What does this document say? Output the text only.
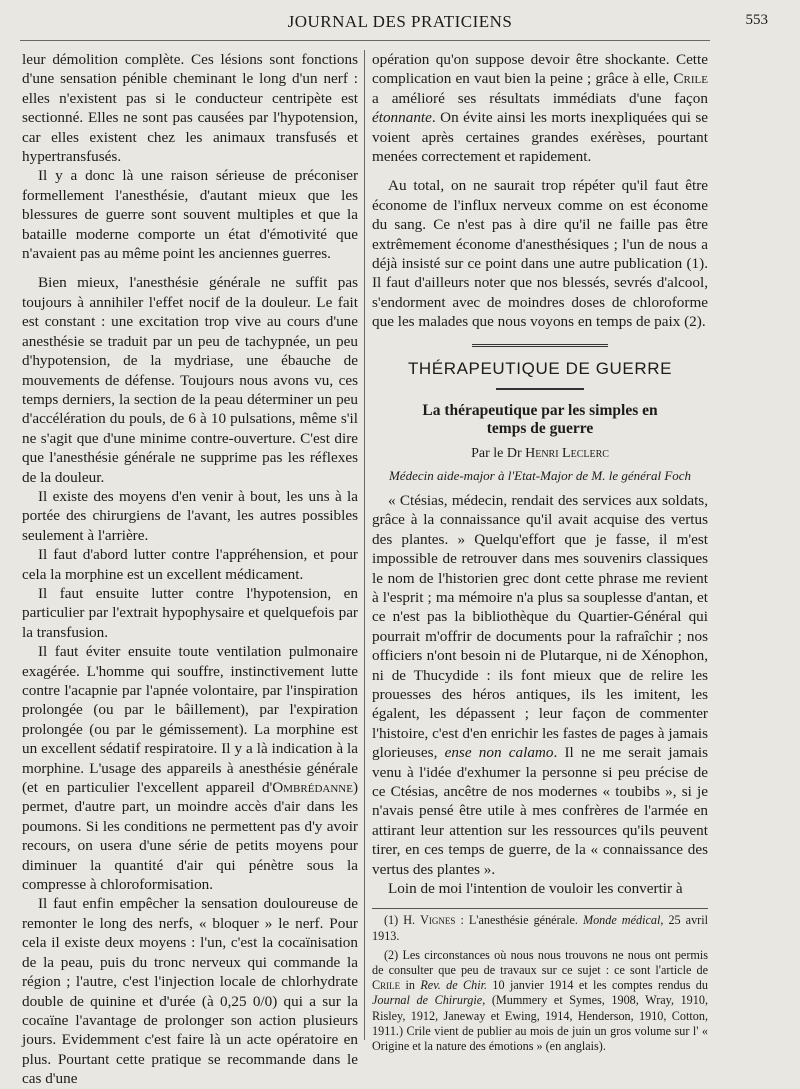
JOURNAL DES PRATICIENS	553

leur démolition complète. Ces lésions sont fonctions d'une sensation pénible cheminant le long d'un nerf : elles n'existent pas si le conducteur centripète est sectionné. Elles ne sont pas causées par l'hypotension, car elles existent chez les animaux transfusés et hypertransfusés.

Il y a donc là une raison sérieuse de préconiser formellement l'anesthésie, d'autant mieux que les blessures de guerre sont souvent multiples et que la bataille moderne comporte un état d'émotivité que n'avaient pas au même point les anciennes guerres.

Bien mieux, l'anesthésie générale ne suffit pas toujours à annihiler l'effet nocif de la douleur. Le fait est constant : une excitation trop vive au cours d'une anesthésie se traduit par un peu de tachypnée, un peu d'hypotension, de la mydriase, une ébauche de mouvements de défense. Toujours nous avons vu, ces temps derniers, la section de la peau déterminer un peu d'accélération du pouls, de 6 à 10 pulsations, même s'il ne s'agit que d'une minime contre-ouverture. C'est dire que l'anesthésie générale ne supprime pas les réflexes de la douleur.

Il existe des moyens d'en venir à bout, les uns à la portée des chirurgiens de l'avant, les autres possibles seulement à l'arrière.

Il faut d'abord lutter contre l'appréhension, et pour cela la morphine est un excellent médicament.

Il faut ensuite lutter contre l'hypotension, en particulier par l'extrait hypophysaire et quelquefois par la transfusion.

Il faut éviter ensuite toute ventilation pulmonaire exagérée. L'homme qui souffre, instinctivement lutte contre l'acapnie par l'apnée volontaire, par l'inspiration prolongée (ou par le bâillement), par l'expiration prolongée (ou par le gémissement). La morphine est un excellent sédatif respiratoire. Il y a là indication à la morphine. L'usage des appareils à anesthésie générale (et en particulier l'excellent appareil d'Ombrédanne) permet, d'autre part, un moindre accès d'air dans les poumons. Si les conditions ne permettent pas d'y avoir recours, on usera d'une série de petits moyens pour diminuer la quantité d'air qui pénètre sous la compresse à chloroformisation.

Il faut enfin empêcher la sensation douloureuse de remonter le long des nerfs, « bloquer » le nerf. Pour cela il existe deux moyens : l'un, c'est la cocaïnisation de la peau, puis du tronc nerveux qui commande la région ; l'autre, c'est l'injection locale de chlorhydrate double de quinine et d'urée (à 0,25 0/0) qui a sur la cocaïne l'avantage de prolonger son action plusieurs jours. Evidemment c'est faire là un acte opératoire en plus. Pourtant cette pratique se recommande dans le cas d'une

opération qu'on suppose devoir être shockante. Cette complication en vaut bien la peine ; grâce à elle, Crile a amélioré ses résultats immédiats d'une façon étonnante. On évite ainsi les morts inexpliquées qui se voient après certaines grandes exérèses, pourtant menées correctement et rapidement.

Au total, on ne saurait trop répéter qu'il faut être économe de l'influx nerveux comme on est économe du sang. Ce n'est pas à dire qu'il ne faille pas être extrêmement économe d'anesthésiques ; l'un de nous a déjà insisté sur ce point dans une autre publication (1). Il faut d'ailleurs noter que nos blessés, sevrés d'alcool, s'endorment avec de moindres doses de chloroforme que les malades que nous voyons en temps de paix (2).

THÉRAPEUTIQUE DE GUERRE
La thérapeutique par les simples en temps de guerre
Par le Dr Henri Leclerc
Médecin aide-major à l'Etat-Major de M. le général Foch

« Ctésias, médecin, rendait des services aux soldats, grâce à la connaissance qu'il avait acquise des vertus des plantes. » Quelqu'effort que je fasse, il m'est impossible de retrouver dans mes souvenirs classiques le nom de l'historien grec dont cette phrase me revient à l'esprit ; ma mémoire n'a plus sa souplesse d'antan, et ce n'est pas la bibliothèque du Quartier-Général qui pourrait m'offrir de documents pour la rafraîchir ; nos officiers n'ont besoin ni de Plutarque, ni de Xénophon, ni de Thucydide : ils font mieux que de relire les prouesses des héros antiques, ils les imitent, les égalent, les dépassent ; leur façon de commenter l'histoire, c'est d'en enrichir les fastes de pages à jamais glorieuses, ense non calamo. Il ne me serait jamais venu à l'idée d'exhumer la personne si peu précise de ce Ctésias, ancêtre de nos modernes « toubibs », si je n'avais pensé être utile à mes confrères de l'armée en attirant leur attention sur les ressources qu'ils peuvent tirer, en ces temps de guerre, de la « connaissance des vertus des plantes ».

Loin de moi l'intention de vouloir les convertir à

(1) H. Vignes : L'anesthésie générale. Monde médical, 25 avril 1913.
(2) Les circonstances où nous nous trouvons ne nous ont permis de consulter que peu de travaux sur ce sujet : ce sont l'article de Crile in Rev. de Chir. 10 janvier 1914 et les comptes rendus du Journal de Chirurgie, (Mummery et Symes, 1908, Wray, 1910, Risley, 1912, Janeway et Ewing, 1914, Henderson, 1910, Cotton, 1911.) Crile vient de publier au mois de juin un gros volume sur l' « Origine et la nature des émotions » (en anglais).
